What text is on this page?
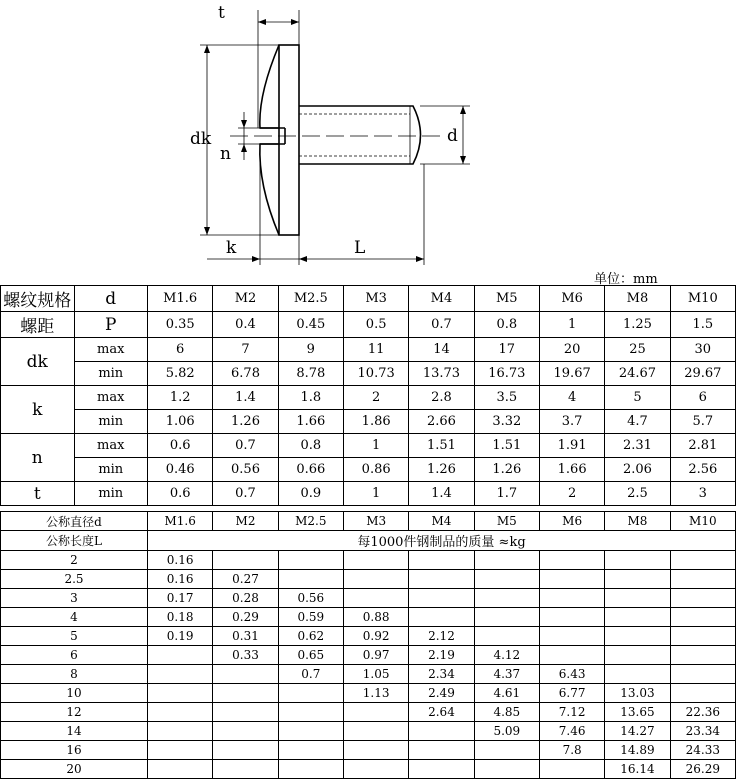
t
dk
n
d
k	L
单位：mm
螺纹规格	d	M1.6	M2	M2.5	M3	M4	M5	M6	M8	M10
螺距	P	0.35	0.4	0.45	0.5	0.7	0.8	1	1.25	1.5
dk	max	6	7	9	11	14	17	20	25	30
	min	5.82	6.78	8.78	10.73	13.73	16.73	19.67	24.67	29.67
k	max	1.2	1.4	1.8	2	2.8	3.5	4	5	6
	min	1.06	1.26	1.66	1.86	2.66	3.32	3.7	4.7	5.7
n	max	0.6	0.7	0.8	1	1.51	1.51	1.91	2.31	2.81
	min	0.46	0.56	0.66	0.86	1.26	1.26	1.66	2.06	2.56
t	min	0.6	0.7	0.9	1	1.4	1.7	2	2.5	3
公称直径d	M1.6	M2	M2.5	M3	M4	M5	M6	M8	M10
公称长度L	每1000件钢制品的质量 ≈kg								
2	0.16								
2.5	0.16	0.27							
3	0.17	0.28	0.56						
4	0.18	0.29	0.59	0.88					
5	0.19	0.31	0.62	0.92	2.12				
6		0.33	0.65	0.97	2.19	4.12			
8			0.7	1.05	2.34	4.37	6.43		
10				1.13	2.49	4.61	6.77	13.03	
12					2.64	4.85	7.12	13.65	22.36
14						5.09	7.46	14.27	23.34
16							7.8	14.89	24.33
20								16.14	26.29
